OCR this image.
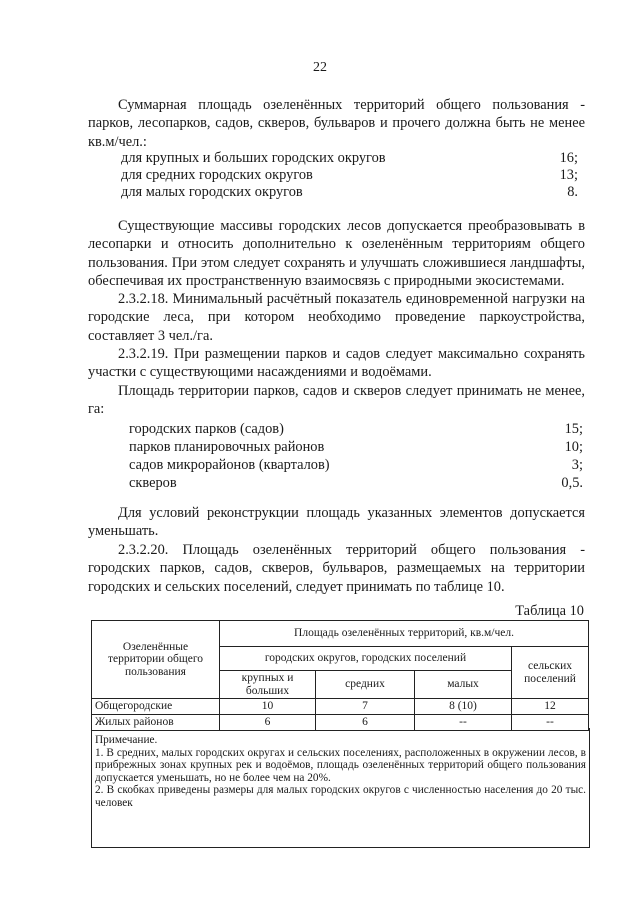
22

Суммарная площадь озеленённых территорий общего пользования - парков, лесопарков, садов, скверов, бульваров и прочего должна быть не менее кв.м/чел.:

для крупных и больших городских округов	16;
для средних городских округов	13;
для малых городских округов	8.

Существующие массивы городских лесов допускается преобразовывать в лесопарки и относить дополнительно к озеленённым территориям общего пользования. При этом следует сохранять и улучшать сложившиеся ландшафты, обеспечивая их пространственную взаимосвязь с природными экосистемами.

2.3.2.18. Минимальный расчётный показатель единовременной нагрузки на городские леса, при котором необходимо проведение паркоустройства, составляет 3 чел./га.

2.3.2.19. При размещении парков и садов следует максимально сохранять участки с существующими насаждениями и водоёмами.

Площадь территории парков, садов и скверов следует принимать не менее, га:

городских парков (садов)	15;
парков планировочных районов	10;
садов микрорайонов (кварталов)	3;
скверов	0,5.

Для условий реконструкции площадь указанных элементов допускается уменьшать.

2.3.2.20. Площадь озеленённых территорий общего пользования - городских парков, садов, скверов, бульваров, размещаемых на территории городских и сельских поселений, следует принимать по таблице 10.

Таблица 10
Озеленённые территории общего пользования	Площадь озеленённых территорий, кв.м/чел.			
	городских округов, городских поселений			сельских поселений
	крупных и больших	средних	малых	
Общегородские	10	7	8 (10)	12
Жилых районов	6	6	--	--

Примечание.

1. В средних, малых городских округах и сельских поселениях, расположенных в окружении лесов, в прибрежных зонах крупных рек и водоёмов, площадь озеленённых территорий общего пользования допускается уменьшать, но не более чем на 20%.

2. В скобках приведены размеры для малых городских округов с численностью населения до 20 тыс. человек
